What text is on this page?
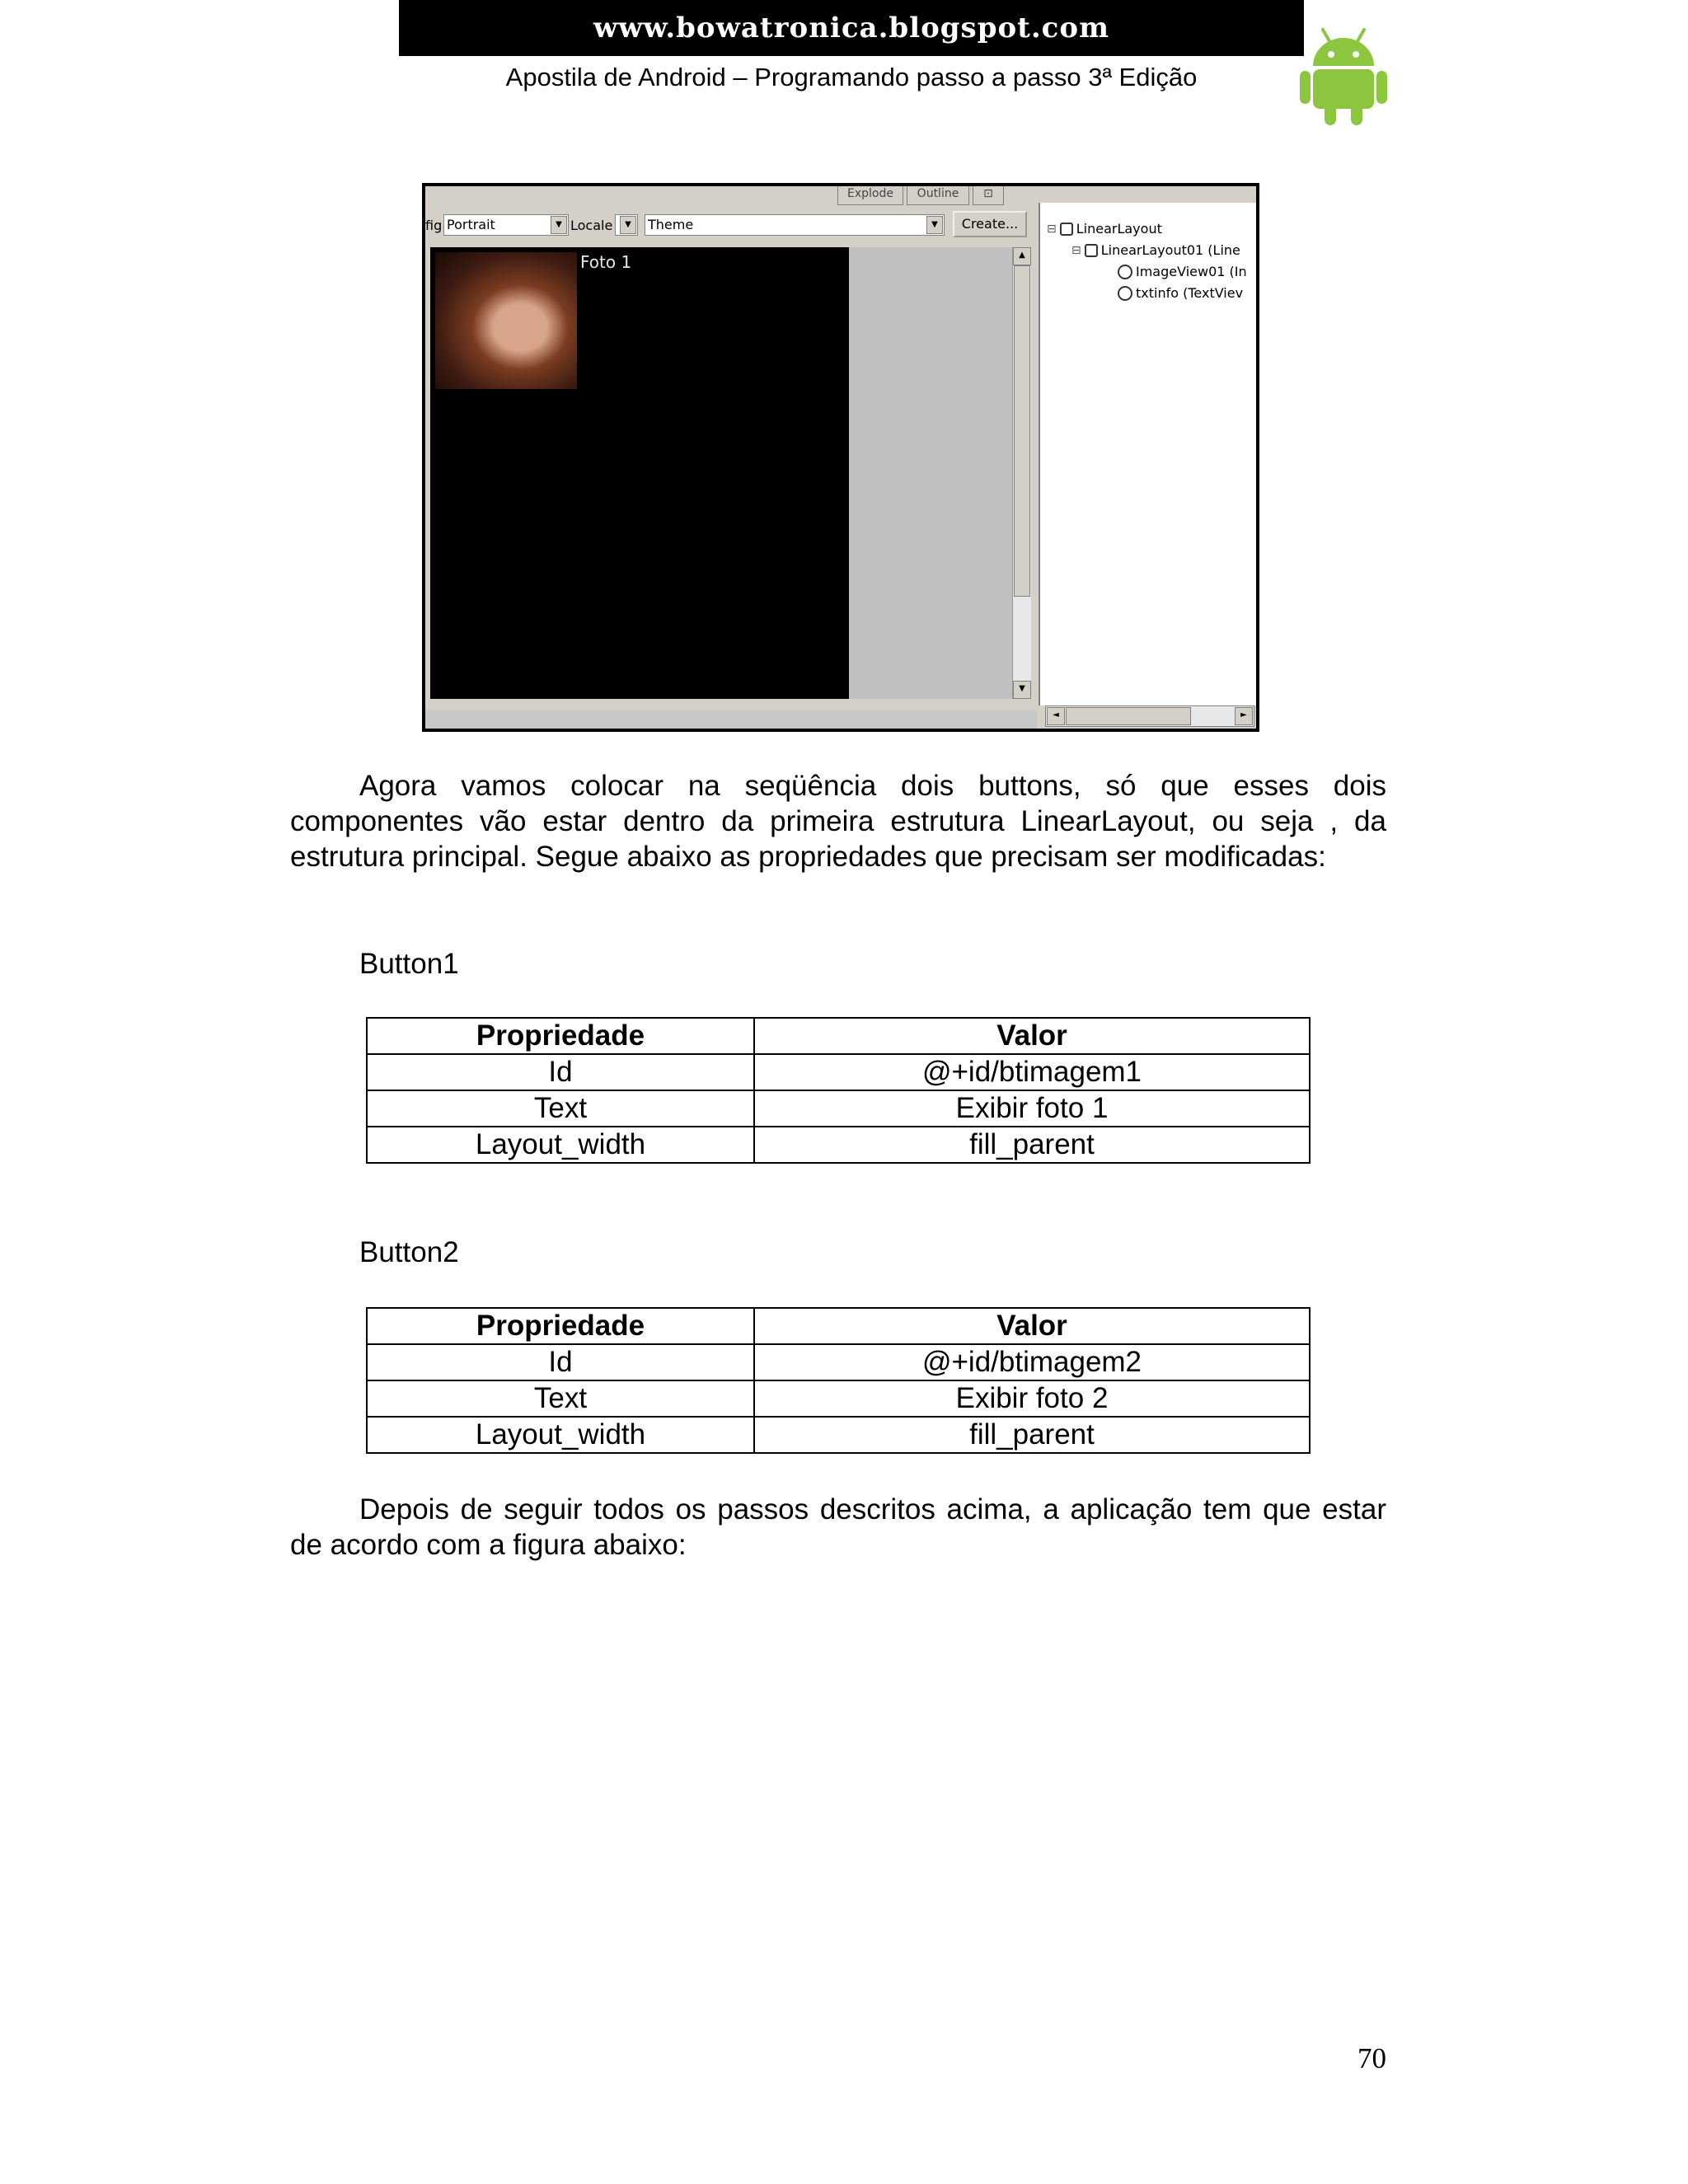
www.bowatronica.blogspot.com
Apostila de Android – Programando passo a passo 3ª Edição
Explode	Outline	⊡
fig Portrait	▼ Locale	▼	Theme	▼	Create...
Foto 1	▲
▼
⊟ LinearLayout
⊟ LinearLayout01 (Line
ImageView01 (In
txtinfo (TextViev
◄	►

Agora vamos colocar na seqüência dois buttons, só que esses dois componentes vão estar dentro da primeira estrutura LinearLayout, ou seja , da estrutura principal. Segue abaixo as propriedades que precisam ser modificadas:

Button1
Propriedade	Valor
Id	@+id/btimagem1
Text	Exibir foto 1
Layout_width	fill_parent
Button2
Propriedade	Valor
Id	@+id/btimagem2
Text	Exibir foto 2
Layout_width	fill_parent

Depois de seguir todos os passos descritos acima, a aplicação tem que estar de acordo com a figura abaixo:

70
